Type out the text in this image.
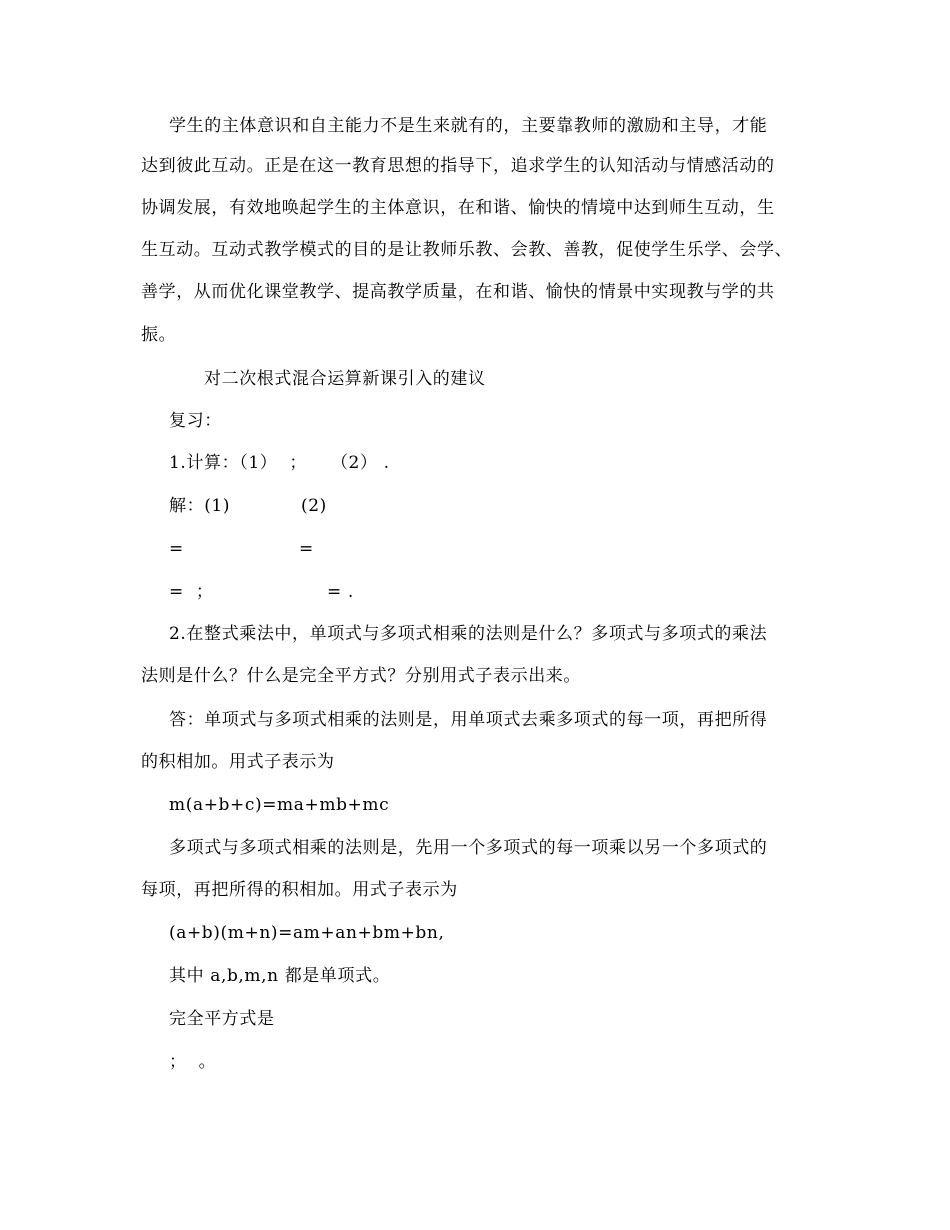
学生的主体意识和自主能力不是生来就有的，主要靠教师的激励和主导，才能
达到彼此互动。正是在这一教育思想的指导下，追求学生的认知活动与情感活动的
协调发展，有效地唤起学生的主体意识，在和谐、愉快的情境中达到师生互动，生
生互动。互动式教学模式的目的是让教师乐教、会教、善教，促使学生乐学、会学、
善学，从而优化课堂教学、提高教学质量，在和谐、愉快的情景中实现教与学的共
振。
对二次根式混合运算新课引入的建议
复习：
1.计算：（1）  ；    （2） .
解：(1)	(2)
=	=
=  ；	= .
2.在整式乘法中，单项式与多项式相乘的法则是什么？多项式与多项式的乘法
法则是什么？什么是完全平方式？分别用式子表示出来。
答：单项式与多项式相乘的法则是，用单项式去乘多项式的每一项，再把所得
的积相加。用式子表示为
m(a+b+c)=ma+mb+mc
多项式与多项式相乘的法则是，先用一个多项式的每一项乘以另一个多项式的
每项，再把所得的积相加。用式子表示为
(a+b)(m+n)=am+an+bm+bn,
其中 a,b,m,n 都是单项式。
完全平方式是
；  。
